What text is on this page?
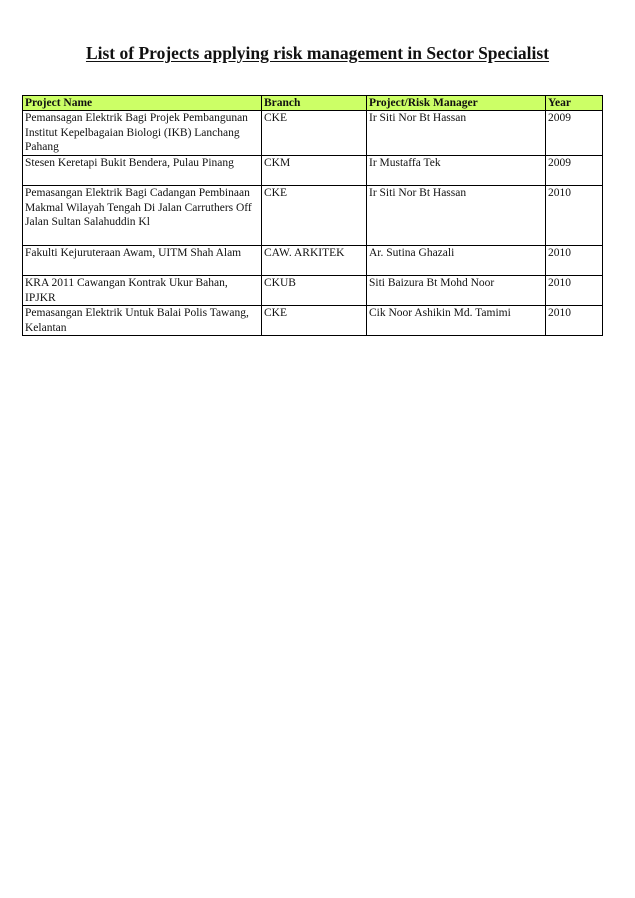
List of Projects applying risk management in Sector Specialist
Project Name	Branch	Project/Risk Manager	Year
Pemansagan Elektrik Bagi Projek Pembangunan Institut Kepelbagaian Biologi (IKB) Lanchang Pahang	CKE	Ir Siti Nor Bt Hassan	2009
Stesen Keretapi Bukit Bendera, Pulau Pinang	CKM	Ir Mustaffa Tek	2009
Pemasangan Elektrik Bagi Cadangan Pembinaan Makmal Wilayah Tengah Di Jalan Carruthers Off Jalan Sultan Salahuddin Kl	CKE	Ir Siti Nor Bt Hassan	2010
Fakulti Kejuruteraan Awam, UITM Shah Alam	CAW. ARKITEK	Ar. Sutina Ghazali	2010
KRA 2011 Cawangan Kontrak Ukur Bahan, IPJKR	CKUB	Siti Baizura Bt Mohd Noor	2010
Pemasangan Elektrik Untuk Balai Polis Tawang, Kelantan	CKE	Cik Noor Ashikin Md. Tamimi	2010
